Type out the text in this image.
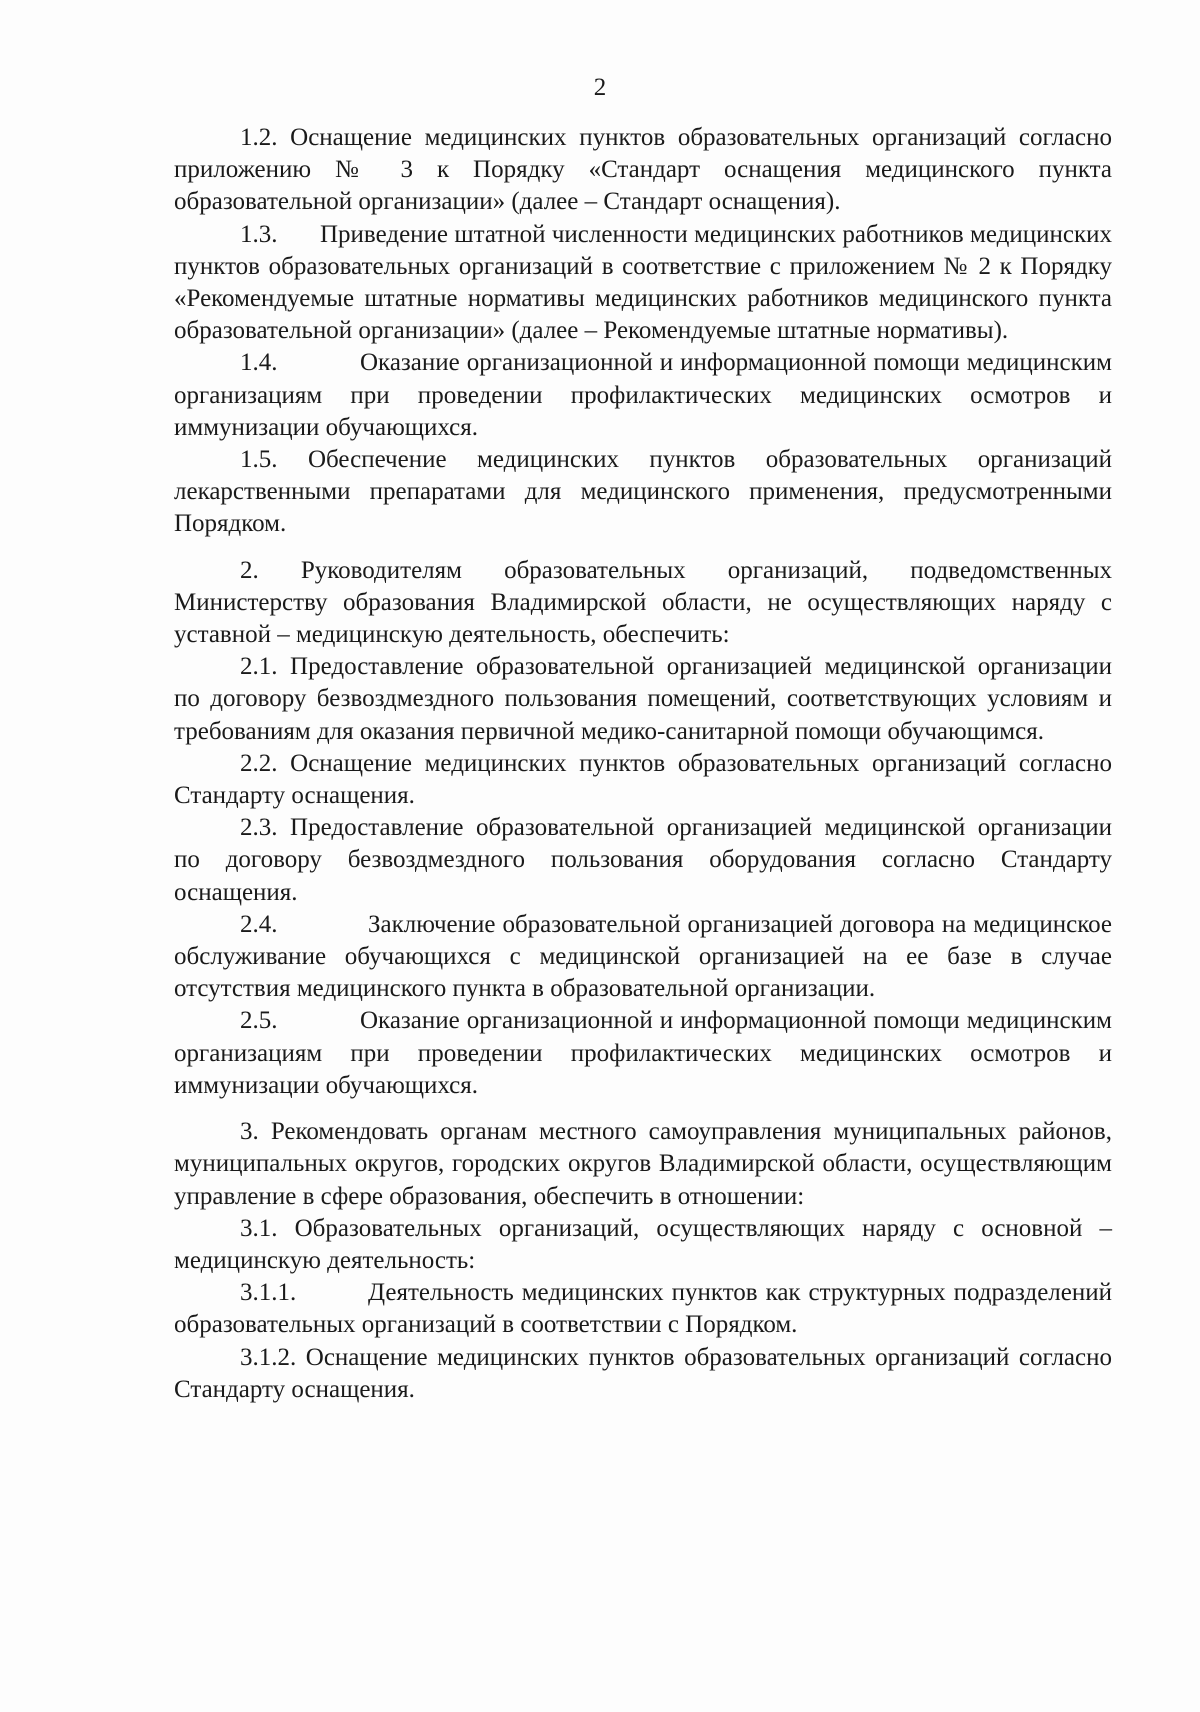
2

1.2. Оснащение медицинских пунктов образовательных организаций согласно приложению № 3 к Порядку «Стандарт оснащения медицинского пункта образовательной организации» (далее – Стандарт оснащения).

1.3. Приведение штатной численности медицинских работников медицинских пунктов образовательных организаций в соответствие с приложением № 2 к Порядку «Рекомендуемые штатные нормативы медицинских работников медицинского пункта образовательной организации» (далее – Рекомендуемые штатные нормативы).

1.4.	Оказание организационной и информационной помощи медицинским организациям при проведении профилактических медицинских осмотров и иммунизации обучающихся.

1.5. Обеспечение медицинских пунктов образовательных организаций лекарственными препаратами для медицинского применения, предусмотренными Порядком.

2. Руководителям образовательных организаций, подведомственных Министерству образования Владимирской области, не осуществляющих наряду с уставной – медицинскую деятельность, обеспечить:

2.1. Предоставление образовательной организацией медицинской организации по договору безвоздмездного пользования помещений, соответствующих условиям и требованиям для оказания первичной медико-санитарной помощи обучающимся.

2.2. Оснащение медицинских пунктов образовательных организаций согласно Стандарту оснащения.

2.3. Предоставление образовательной организацией медицинской организации по договору безвоздмездного пользования оборудования согласно Стандарту оснащения.

2.4.	Заключение образовательной организацией договора на медицинское обслуживание обучающихся с медицинской организацией на ее базе в случае отсутствия медицинского пункта в образовательной организации.

2.5.	Оказание организационной и информационной помощи медицинским организациям при проведении профилактических медицинских осмотров и иммунизации обучающихся.

3. Рекомендовать органам местного самоуправления муниципальных районов, муниципальных округов, городских округов Владимирской области, осуществляющим управление в сфере образования, обеспечить в отношении:

3.1. Образовательных организаций, осуществляющих наряду с основной – медицинскую деятельность:

3.1.1.	Деятельность медицинских пунктов как структурных подразделений образовательных организаций в соответствии с Порядком.

3.1.2. Оснащение медицинских пунктов образовательных организаций согласно Стандарту оснащения.
